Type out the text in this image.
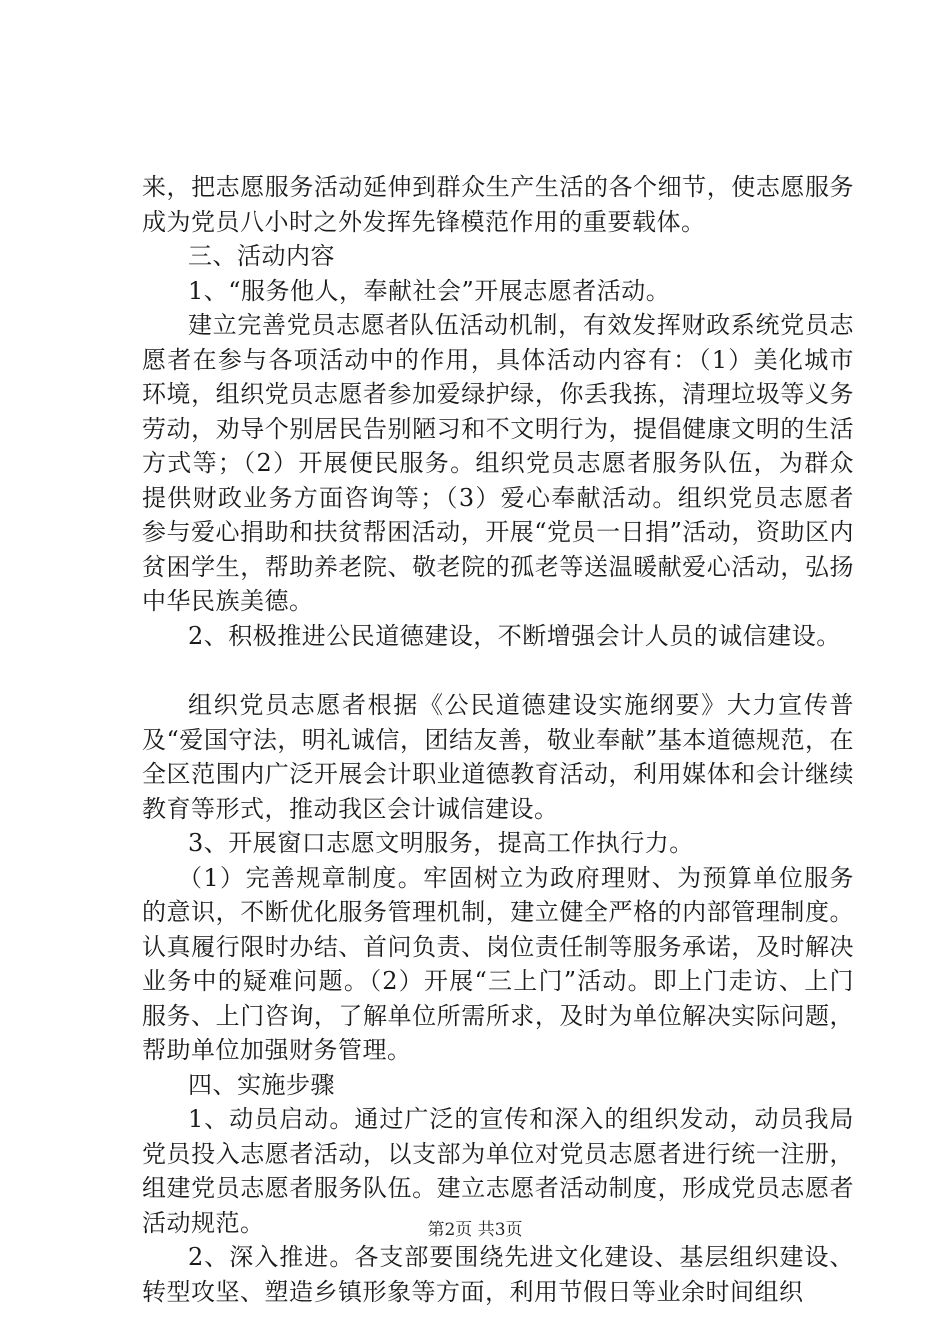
来，把志愿服务活动延伸到群众生产生活的各个细节，使志愿服务成为党员八小时之外发挥先锋模范作用的重要载体。

三、活动内容

1、“服务他人，奉献社会”开展志愿者活动。

建立完善党员志愿者队伍活动机制，有效发挥财政系统党员志愿者在参与各项活动中的作用，具体活动内容有：（1）美化城市环境，组织党员志愿者参加爱绿护绿，你丢我拣，清理垃圾等义务劳动，劝导个别居民告别陋习和不文明行为，提倡健康文明的生活方式等；（2）开展便民服务。组织党员志愿者服务队伍，为群众提供财政业务方面咨询等；（3）爱心奉献活动。组织党员志愿者参与爱心捐助和扶贫帮困活动，开展“党员一日捐”活动，资助区内贫困学生，帮助养老院、敬老院的孤老等送温暖献爱心活动，弘扬中华民族美德。

2、积极推进公民道德建设，不断增强会计人员的诚信建设。

组织党员志愿者根据《公民道德建设实施纲要》大力宣传普及“爱国守法，明礼诚信，团结友善，敬业奉献”基本道德规范，在全区范围内广泛开展会计职业道德教育活动，利用媒体和会计继续教育等形式，推动我区会计诚信建设。

3、开展窗口志愿文明服务，提高工作执行力。

（1）完善规章制度。牢固树立为政府理财、为预算单位服务的意识，不断优化服务管理机制，建立健全严格的内部管理制度。认真履行限时办结、首问负责、岗位责任制等服务承诺，及时解决业务中的疑难问题。（2）开展“三上门”活动。即上门走访、上门服务、上门咨询，了解单位所需所求，及时为单位解决实际问题，帮助单位加强财务管理。

四、实施步骤

1、动员启动。通过广泛的宣传和深入的组织发动，动员我局党员投入志愿者活动，以支部为单位对党员志愿者进行统一注册，组建党员志愿者服务队伍。建立志愿者活动制度，形成党员志愿者活动规范。

2、深入推进。各支部要围绕先进文化建设、基层组织建设、转型攻坚、塑造乡镇形象等方面，利用节假日等业余时间组织

第2页 共3页
